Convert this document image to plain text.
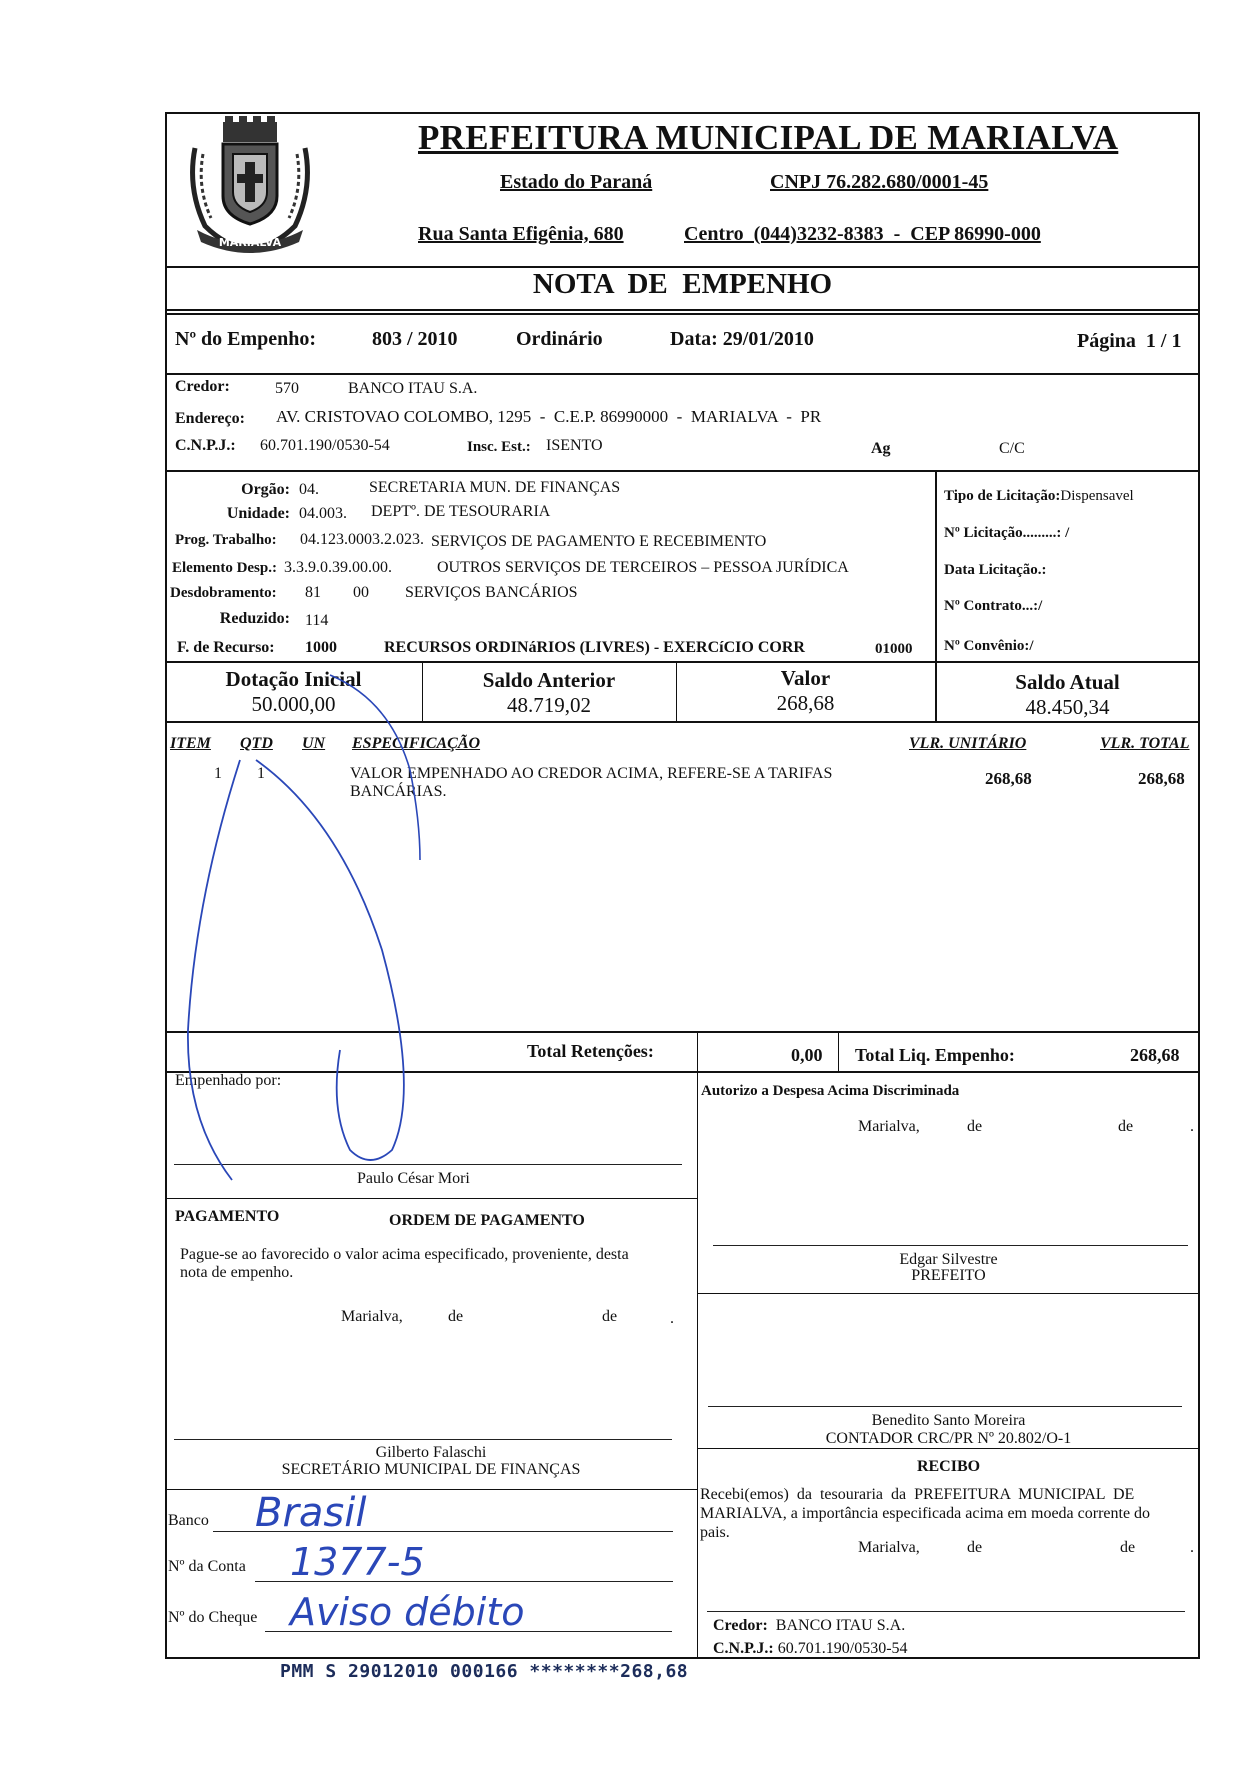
MARIALVA
PREFEITURA MUNICIPAL DE MARIALVA
Estado do Paraná	CNPJ 76.282.680/0001-45
Rua Santa Efigênia, 680	Centro  (044)3232-8383  -  CEP 86990-000
NOTA  DE  EMPENHO
Nº do Empenho:	803 / 2010	Ordinário	Data: 29/01/2010	Página  1 / 1
Credor:	570	BANCO ITAU S.A.
Endereço: AV. CRISTOVAO COLOMBO, 1295  -  C.E.P. 86990000  -  MARIALVA  -  PR
C.N.P.J.: 60.701.190/0530-54	Insc. Est.: ISENTO	Ag	C/C
Orgão: 04.	SECRETARIA MUN. DE FINANÇAS
Unidade: 04.003. DEPTº. DE TESOURARIA
Prog. Trabalho: 04.123.0003.2.023. SERVIÇOS DE PAGAMENTO E RECEBIMENTO
Elemento Desp.: 3.3.9.0.39.00.00.	OUTROS SERVIÇOS DE TERCEIROS – PESSOA JURÍDICA
Desdobramento: 81 00 SERVIÇOS BANCÁRIOS
Reduzido: 114
F. de Recurso: 1000	RECURSOS ORDINáRIOS (LIVRES) - EXERCíCIO CORR	01000
Tipo de Licitação:Dispensavel
Nº Licitação.........: /
Data Licitação.:
Nº Contrato...:/
Nº Convênio:/
Dotação Inicial
50.000,00
Saldo Anterior
48.719,02
Valor
268,68
Saldo Atual
48.450,34
ITEM QTD UN ESPECIFICAÇÃO	VLR. UNITÁRIO	VLR. TOTAL
1 1	VALOR EMPENHADO AO CREDOR ACIMA, REFERE-SE A TARIFAS
BANCÁRIAS.
268,68	268,68
Total Retenções:	0,00 Total Liq. Empenho:	268,68
Empenhado por:
Paulo César Mori
Autorizo a Despesa Acima Discriminada
Marialva,	de	de	.
Edgar Silvestre
PREFEITO
PAGAMENTO	ORDEM DE PAGAMENTO
Pague-se ao favorecido o valor acima especificado, proveniente, desta
nota de empenho.
Marialva,	de	de	.
Gilberto Falaschi
SECRETÁRIO MUNICIPAL DE FINANÇAS
Benedito Santo Moreira
CONTADOR CRC/PR Nº 20.802/O-1
RECIBO
Recebi(emos)  da  tesouraria  da  PREFEITURA  MUNICIPAL  DE
MARIALVA, a importância especificada acima em moeda corrente do
pais.
Marialva,	de	de	.
Credor: BANCO ITAU S.A.
C.N.P.J.: 60.701.190/0530-54
Banco Brasil
Nº da Conta 1377-5
Nº do Cheque Aviso débito
PMM S 29012010 000166 ********268,68
